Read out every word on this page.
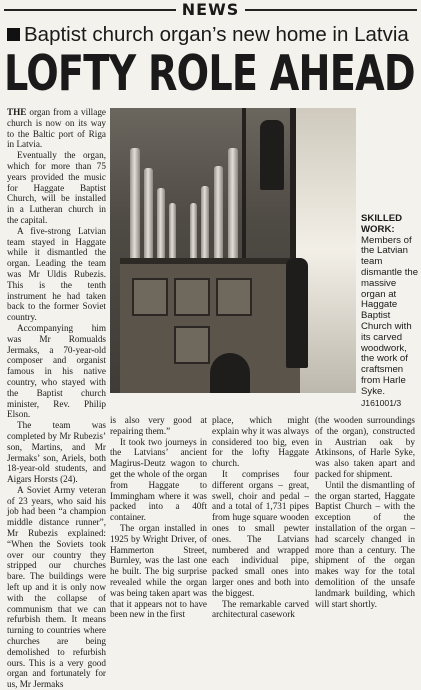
NEWS
Baptist church organ’s new home in Latvia
LOFTY ROLE AHEAD
SKILLED WORK:
Members of the Latvian team dismantle the massive organ at Haggate Baptist Church with its carved woodwork, the work of craftsmen from Harle Syke.
J161001/3

THE organ from a village church is now on its way to the Baltic port of Riga in Latvia.

Eventually the organ, which for more than 75 years provided the music for Haggate Baptist Church, will be installed in a Lutheran church in the capital.

A five-strong Latvian team stayed in Haggate while it dismantled the organ. Leading the team was Mr Uldis Rubezis. This is the tenth instrument he had taken back to the former Soviet country.

Accompanying him was Mr Romualds Jermaks, a 70-year-old composer and organist famous in his native country, who stayed with the Baptist church minister, Rev. Philip Elson.

The team was completed by Mr Rubezis’ son, Martins, and Mr Jermaks’ son, Ariels, both 18-year-old students, and Aigars Horsts (24).

A Soviet Army veteran of 23 years, who said his job had been “a champion middle distance runner”, Mr Rubezis explained: “When the Soviets took over our country they stripped our churches bare. The buildings were left up and it is only now with the collapse of communism that we can refurbish them. It means turning to countries where churches are being demolished to refurbish ours. This is a very good organ and fortunately for us, Mr Jermaks

is also very good at repairing them.”

It took two journeys in the Latvians’ ancient Magirus-Deutz wagon to get the whole of the organ from Haggate to Immingham where it was packed into a 40ft container.

The organ installed in 1925 by Wright Driver, of Hammerton Street, Burnley, was the last one he built. The big surprise revealed while the organ was being taken apart was that it appears not to have been new in the first

place, which might explain why it was always considered too big, even for the lofty Haggate church.

It comprises four different organs – great, swell, choir and pedal – and a total of 1,731 pipes from huge square wooden ones to small pewter ones. The Latvians numbered and wrapped each individual pipe, packed small ones into larger ones and both into the biggest.

The remarkable carved architectural casework

(the wooden surroundings of the organ), constructed in Austrian oak by Atkinsons, of Harle Syke, was also taken apart and packed for shipment.

Until the dismantling of the organ started, Haggate Baptist Church – with the exception of the installation of the organ – had scarcely changed in more than a century. The shipment of the organ makes way for the total demolition of the unsafe landmark building, which will start shortly.
